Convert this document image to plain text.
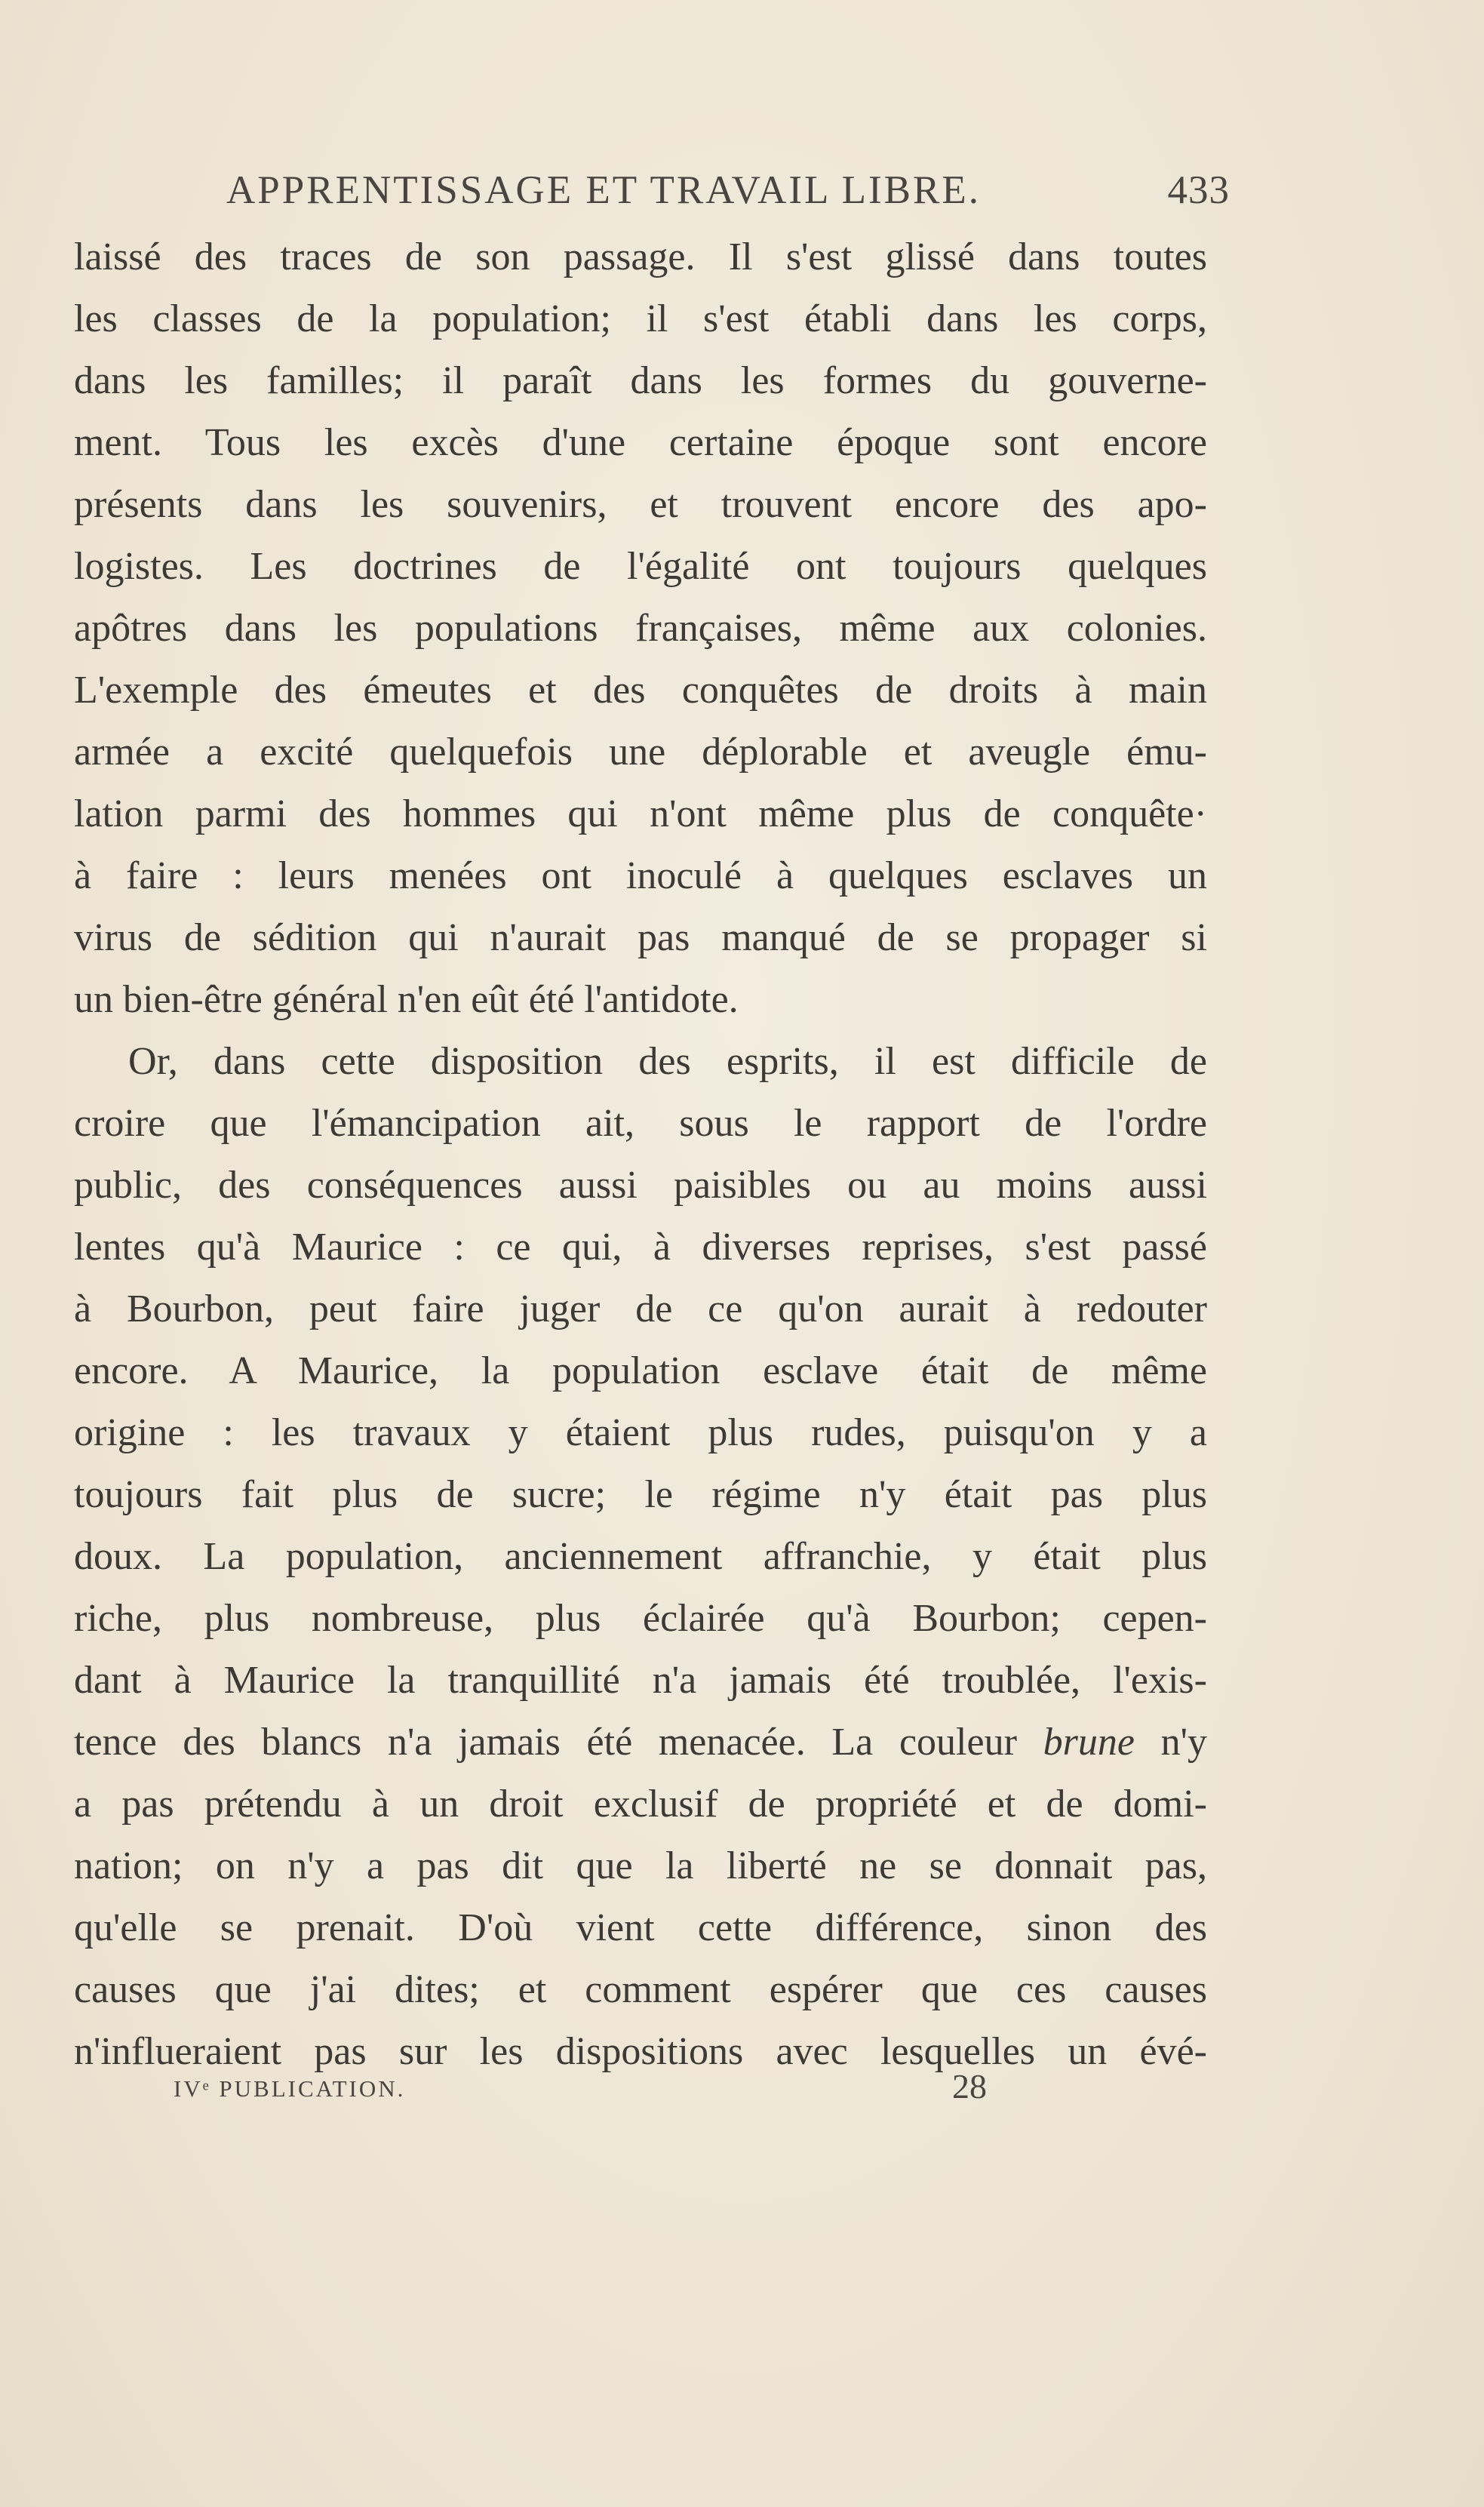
APPRENTISSAGE ET TRAVAIL LIBRE.	433
laissé des traces de son passage. Il s'est glissé dans toutes
les classes de la population; il s'est établi dans les corps,
dans les familles; il paraît dans les formes du gouverne-
ment. Tous les excès d'une certaine époque sont encore
présents dans les souvenirs, et trouvent encore des apo-
logistes. Les doctrines de l'égalité ont toujours quelques
apôtres dans les populations françaises, même aux colonies.
L'exemple des émeutes et des conquêtes de droits à main
armée a excité quelquefois une déplorable et aveugle ému-
lation parmi des hommes qui n'ont même plus de conquête·
à faire : leurs menées ont inoculé à quelques esclaves un
virus de sédition qui n'aurait pas manqué de se propager si
un bien-être général n'en eût été l'antidote.
Or, dans cette disposition des esprits, il est difficile de
croire que l'émancipation ait, sous le rapport de l'ordre
public, des conséquences aussi paisibles ou au moins aussi
lentes qu'à Maurice : ce qui, à diverses reprises, s'est passé
à Bourbon, peut faire juger de ce qu'on aurait à redouter
encore. A Maurice, la population esclave était de même
origine : les travaux y étaient plus rudes, puisqu'on y a
toujours fait plus de sucre; le régime n'y était pas plus
doux. La population, anciennement affranchie, y était plus
riche, plus nombreuse, plus éclairée qu'à Bourbon; cepen-
dant à Maurice la tranquillité n'a jamais été troublée, l'exis-
tence des blancs n'a jamais été menacée. La couleur brune n'y
a pas prétendu à un droit exclusif de propriété et de domi-
nation; on n'y a pas dit que la liberté ne se donnait pas,
qu'elle se prenait. D'où vient cette différence, sinon des
causes que j'ai dites; et comment espérer que ces causes
n'influeraient pas sur les dispositions avec lesquelles un évé-
IVᵉ PUBLICATION.	28
